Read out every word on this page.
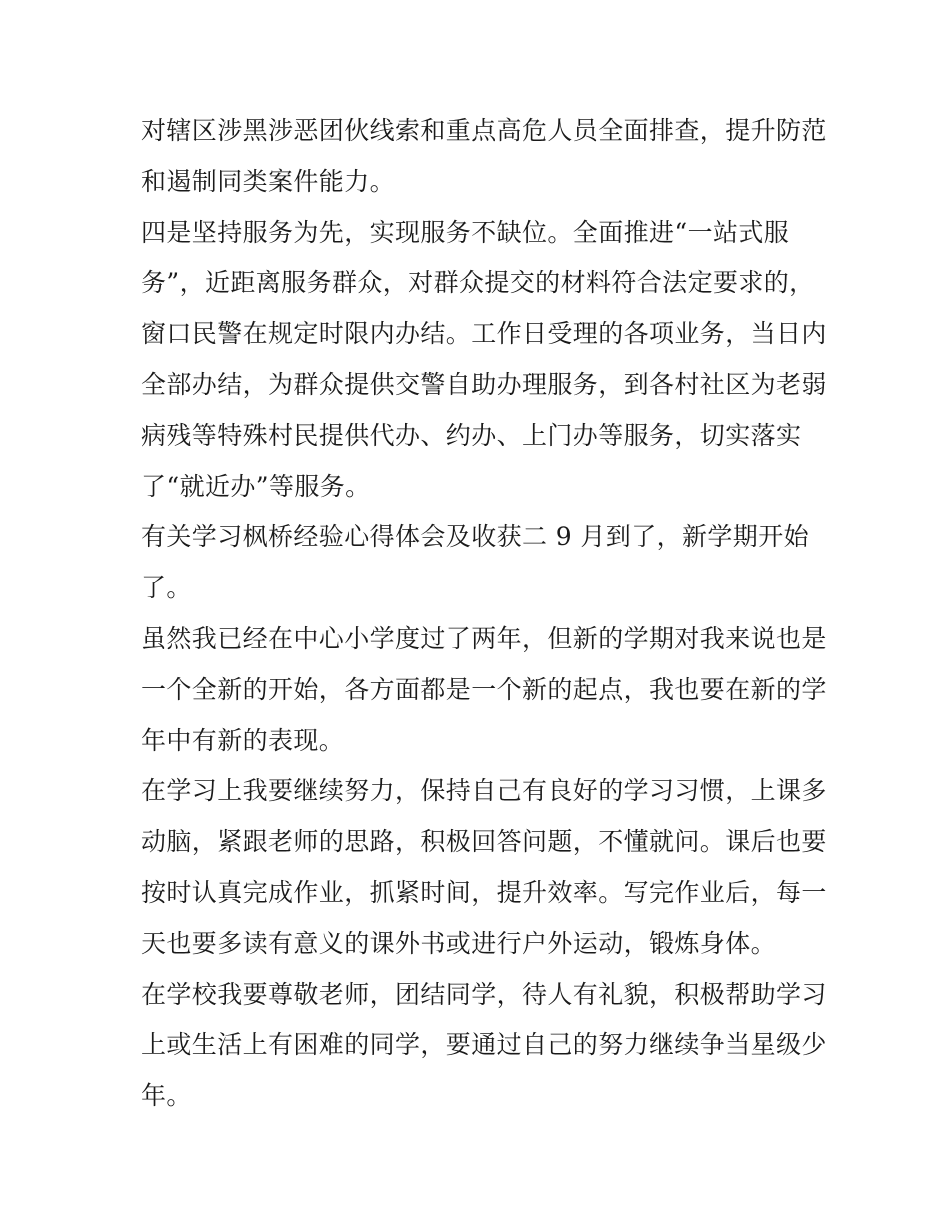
对辖区涉黑涉恶团伙线索和重点高危人员全面排查，提升防范
和遏制同类案件能力。
四是坚持服务为先，实现服务不缺位。全面推进“一站式服
务”，近距离服务群众，对群众提交的材料符合法定要求的，
窗口民警在规定时限内办结。工作日受理的各项业务，当日内
全部办结，为群众提供交警自助办理服务，到各村社区为老弱
病残等特殊村民提供代办、约办、上门办等服务，切实落实
了“就近办”等服务。
有关学习枫桥经验心得体会及收获二 9 月到了，新学期开始
了。
虽然我已经在中心小学度过了两年，但新的学期对我来说也是
一个全新的开始，各方面都是一个新的起点，我也要在新的学
年中有新的表现。
在学习上我要继续努力，保持自己有良好的学习习惯，上课多
动脑，紧跟老师的思路，积极回答问题，不懂就问。课后也要
按时认真完成作业，抓紧时间，提升效率。写完作业后，每一
天也要多读有意义的课外书或进行户外运动，锻炼身体。
在学校我要尊敬老师，团结同学，待人有礼貌，积极帮助学习
上或生活上有困难的同学，要通过自己的努力继续争当星级少
年。
